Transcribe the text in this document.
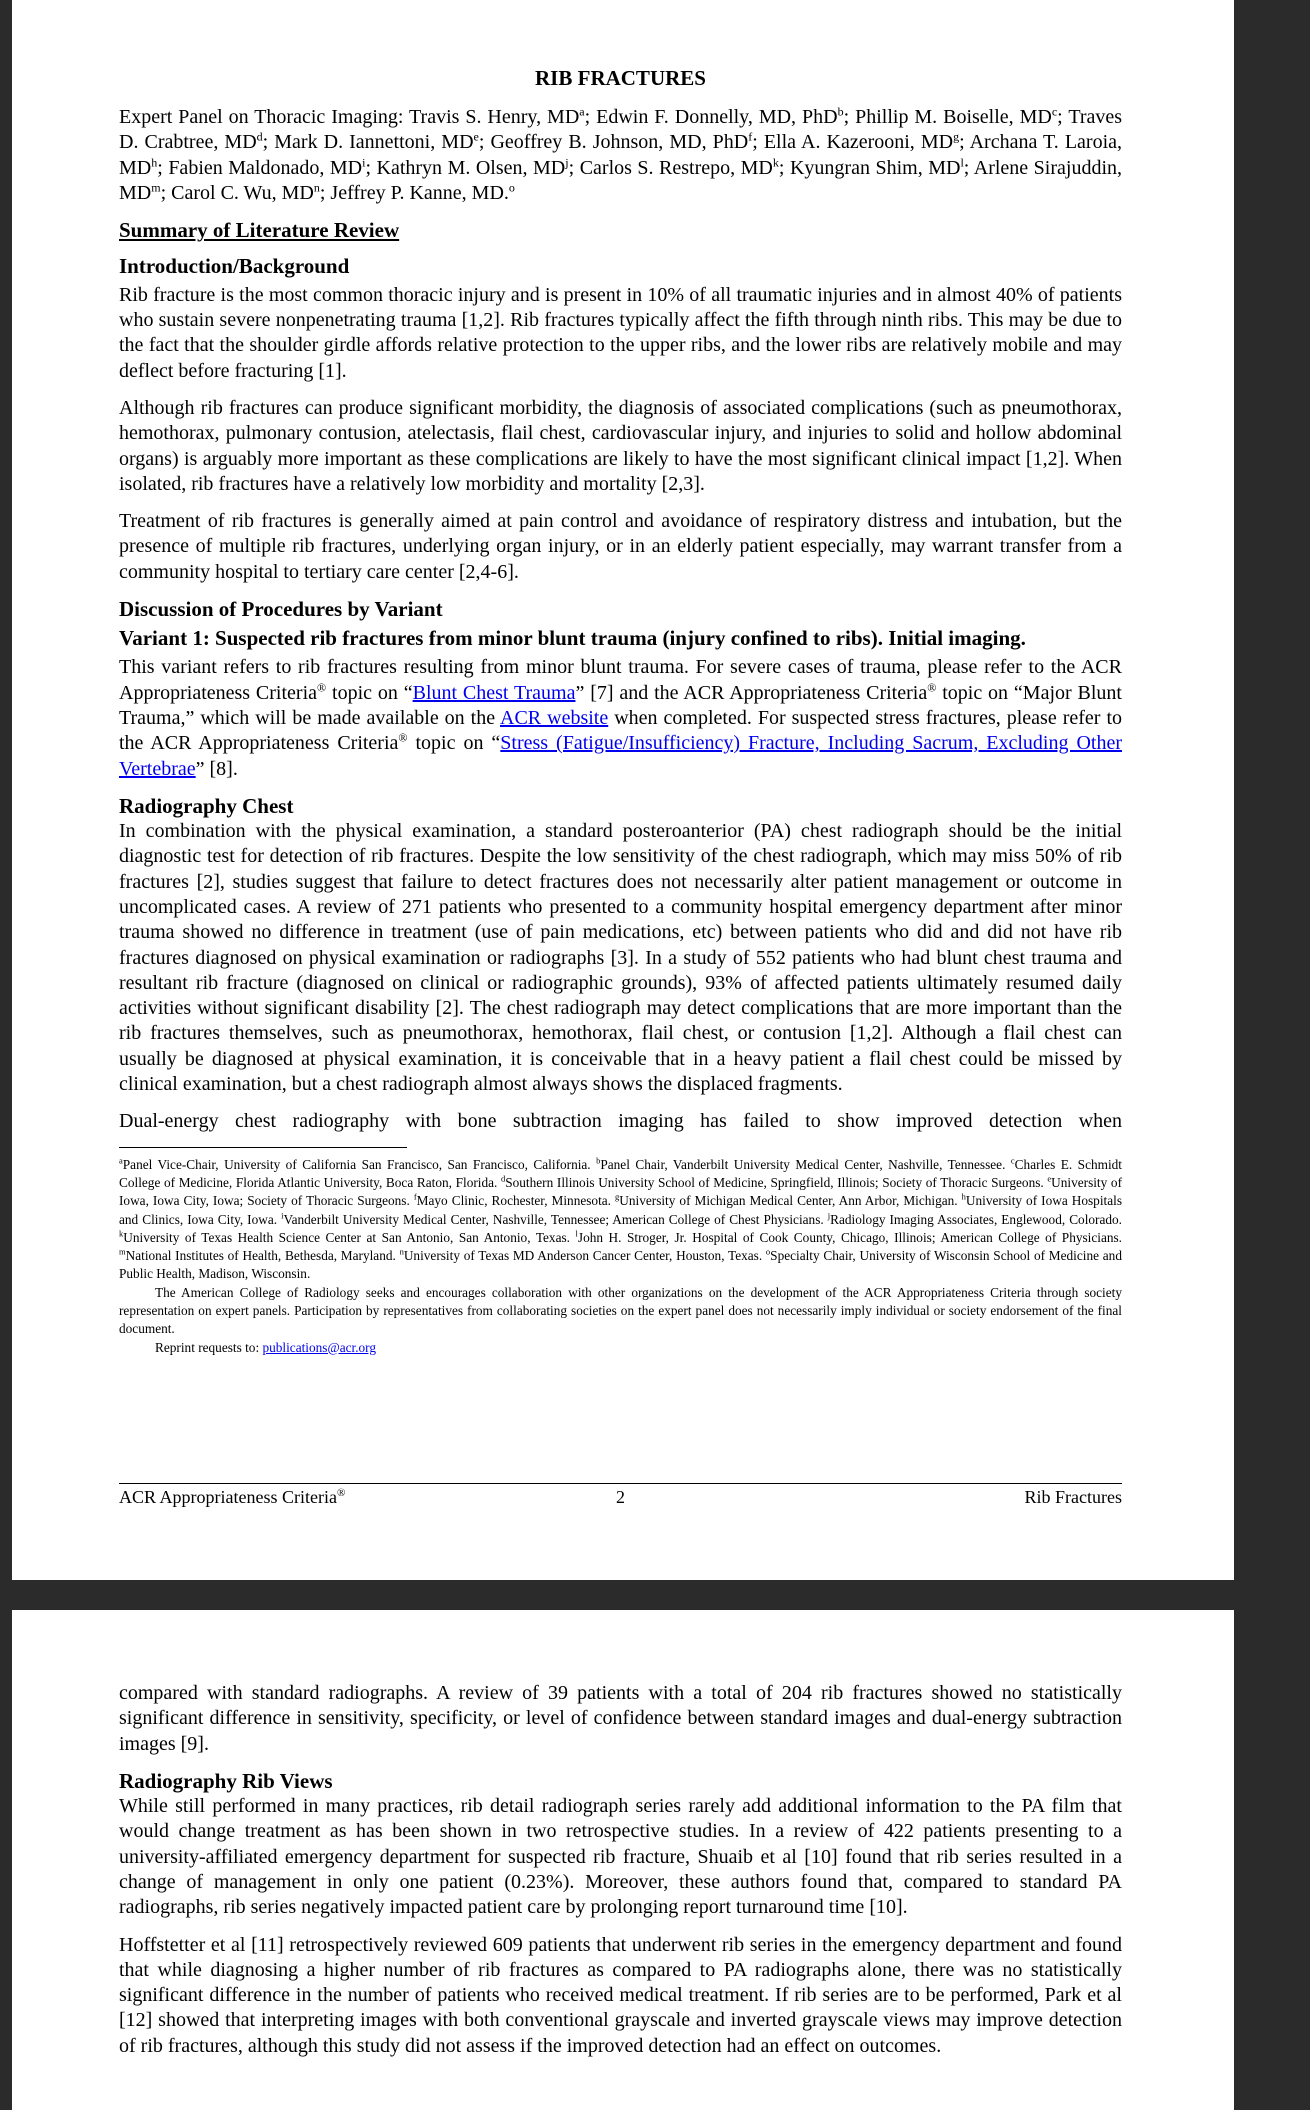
RIB FRACTURES
Expert Panel on Thoracic Imaging: Travis S. Henry, $MD^a$; Edwin F. Donnelly, MD, PhD$^b$; Phillip M. Boiselle, $MD^c$; Traves D. Crabtree, $MD^d$; Mark D. Iannettoni, MDe; Geoffrey B. Johnson, MD, PhD$^f$; Ella A. Kazerooni, $MD^g$; Archana T. Laroia, $MD^h$; Fabien Maldonado, $MD^i$; Kathryn M. Olsen, $MD^j$; Carlos S. Restrepo, $MD^k$; Kyungran Shim, $MD^l$; Arlene Sirajuddin, $MD^m$; Carol C. Wu, $MD^n$; Jeffrey P. Kanne, MD.$^o$
Summary of Literature Review
Introduction/Background

Rib fracture is the most common thoracic injury and is present in 10% of all traumatic injuries and in almost 40% of patients who sustain severe nonpenetrating trauma [1,2]. Rib fractures typically affect the fifth through ninth ribs. This may be due to the fact that the shoulder girdle affords relative protection to the upper ribs, and the lower ribs are relatively mobile and may deflect before fracturing [1].

Although rib fractures can produce significant morbidity, the diagnosis of associated complications (such as pneumothorax, hemothorax, pulmonary contusion, atelectasis, flail chest, cardiovascular injury, and injuries to solid and hollow abdominal organs) is arguably more important as these complications are likely to have the most significant clinical impact [1,2]. When isolated, rib fractures have a relatively low morbidity and mortality [2,3].

Treatment of rib fractures is generally aimed at pain control and avoidance of respiratory distress and intubation, but the presence of multiple rib fractures, underlying organ injury, or in an elderly patient especially, may warrant transfer from a community hospital to tertiary care center [2,4-6].

Discussion of Procedures by Variant
Variant 1: Suspected rib fractures from minor blunt trauma (injury confined to ribs). Initial imaging.

This variant refers to rib fractures resulting from minor blunt trauma. For severe cases of trauma, please refer to the ACR Appropriateness Criteria® topic on “Blunt Chest Trauma” [7] and the ACR Appropriateness Criteria® topic on “Major Blunt Trauma,” which will be made available on the ACR website when completed. For suspected stress fractures, please refer to the ACR Appropriateness Criteria® topic on “Stress (Fatigue/Insufficiency) Fracture, Including Sacrum, Excluding Other Vertebrae” [8].

Radiography Chest

In combination with the physical examination, a standard posteroanterior (PA) chest radiograph should be the initial diagnostic test for detection of rib fractures. Despite the low sensitivity of the chest radiograph, which may miss 50% of rib fractures [2], studies suggest that failure to detect fractures does not necessarily alter patient management or outcome in uncomplicated cases. A review of 271 patients who presented to a community hospital emergency department after minor trauma showed no difference in treatment (use of pain medications, etc) between patients who did and did not have rib fractures diagnosed on physical examination or radiographs [3]. In a study of 552 patients who had blunt chest trauma and resultant rib fracture (diagnosed on clinical or radiographic grounds), 93% of affected patients ultimately resumed daily activities without significant disability [2]. The chest radiograph may detect complications that are more important than the rib fractures themselves, such as pneumothorax, hemothorax, flail chest, or contusion [1,2]. Although a flail chest can usually be diagnosed at physical examination, it is conceivable that in a heavy patient a flail chest could be missed by clinical examination, but a chest radiograph almost always shows the displaced fragments.

Dual-energy chest radiography with bone subtraction imaging has failed to show improved detection when

$^a$Panel Vice-Chair, University of California San Francisco, San Francisco, California. $^b$Panel Chair, Vanderbilt University Medical Center, Nashville, Tennessee. $^c$Charles E. Schmidt College of Medicine, Florida Atlantic University, Boca Raton, Florida. $^d$Southern Illinois University School of Medicine, Springfield, Illinois; Society of Thoracic Surgeons. $^e$University of Iowa, Iowa City, Iowa; Society of Thoracic Surgeons. $^f$Mayo Clinic, Rochester, Minnesota. $^g$University of Michigan Medical Center, Ann Arbor, Michigan. $^h$University of Iowa Hospitals and Clinics, Iowa City, Iowa. $^i$Vanderbilt University Medical Center, Nashville, Tennessee; American College of Chest Physicians. $^j$Radiology Imaging Associates, Englewood, Colorado. $^k$University of Texas Health Science Center at San Antonio, San Antonio, Texas. $^l$John H. Stroger, Jr. Hospital of Cook County, Chicago, Illinois; American College of Physicians. $^m$National Institutes of Health, Bethesda, Maryland. $^n$University of Texas MD Anderson Cancer Center, Houston, Texas. $^o$Specialty Chair, University of Wisconsin School of Medicine and Public Health, Madison, Wisconsin.

The American College of Radiology seeks and encourages collaboration with other organizations on the development of the ACR Appropriateness Criteria through society representation on expert panels. Participation by representatives from collaborating societies on the expert panel does not necessarily imply individual or society endorsement of the final document.

Reprint requests to: publications@acr.org

ACR Appropriateness Criteria®	2	Rib Fractures

compared with standard radiographs. A review of 39 patients with a total of 204 rib fractures showed no statistically significant difference in sensitivity, specificity, or level of confidence between standard images and dual-energy subtraction images [9].

Radiography Rib Views

While still performed in many practices, rib detail radiograph series rarely add additional information to the PA film that would change treatment as has been shown in two retrospective studies. In a review of 422 patients presenting to a university-affiliated emergency department for suspected rib fracture, Shuaib et al [10] found that rib series resulted in a change of management in only one patient (0.23%). Moreover, these authors found that, compared to standard PA radiographs, rib series negatively impacted patient care by prolonging report turnaround time [10].

Hoffstetter et al [11] retrospectively reviewed 609 patients that underwent rib series in the emergency department and found that while diagnosing a higher number of rib fractures as compared to PA radiographs alone, there was no statistically significant difference in the number of patients who received medical treatment. If rib series are to be performed, Park et al [12] showed that interpreting images with both conventional grayscale and inverted grayscale views may improve detection of rib fractures, although this study did not assess if the improved detection had an effect on outcomes.
